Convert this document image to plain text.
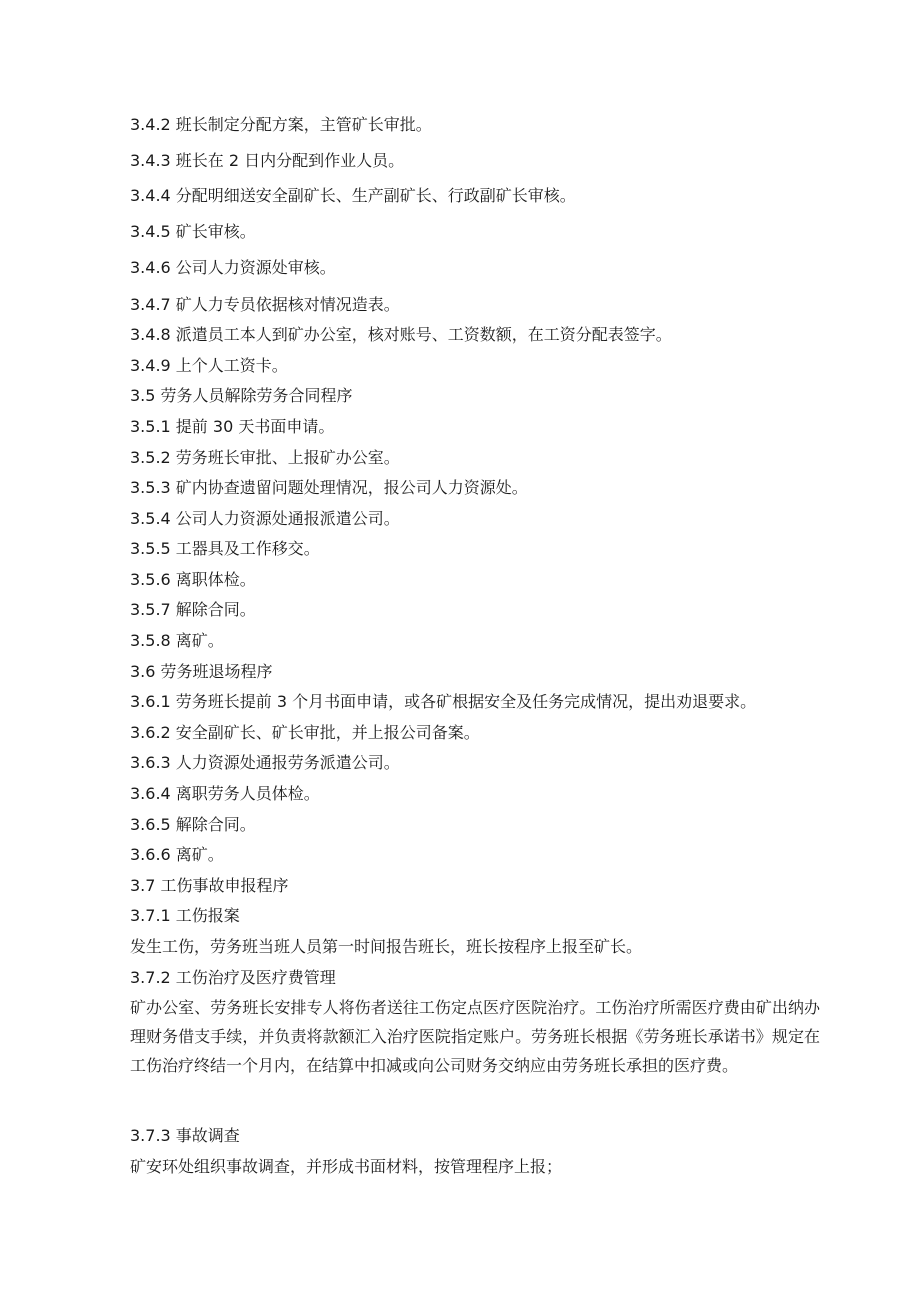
3.4.2 班长制定分配方案，主管矿长审批。
3.4.3 班长在 2 日内分配到作业人员。
3.4.4 分配明细送安全副矿长、生产副矿长、行政副矿长审核。
3.4.5 矿长审核。
3.4.6 公司人力资源处审核。
3.4.7 矿人力专员依据核对情况造表。
3.4.8 派遣员工本人到矿办公室，核对账号、工资数额，在工资分配表签字。
3.4.9 上个人工资卡。
3.5 劳务人员解除劳务合同程序
3.5.1 提前 30 天书面申请。
3.5.2 劳务班长审批、上报矿办公室。
3.5.3 矿内协查遗留问题处理情况，报公司人力资源处。
3.5.4 公司人力资源处通报派遣公司。
3.5.5 工器具及工作移交。
3.5.6 离职体检。
3.5.7 解除合同。
3.5.8 离矿。
3.6 劳务班退场程序
3.6.1 劳务班长提前 3 个月书面申请，或各矿根据安全及任务完成情况，提出劝退要求。
3.6.2 安全副矿长、矿长审批，并上报公司备案。
3.6.3 人力资源处通报劳务派遣公司。
3.6.4 离职劳务人员体检。
3.6.5 解除合同。
3.6.6 离矿。
3.7 工伤事故申报程序
3.7.1 工伤报案
发生工伤，劳务班当班人员第一时间报告班长，班长按程序上报至矿长。
3.7.2 工伤治疗及医疗费管理
矿办公室、劳务班长安排专人将伤者送往工伤定点医疗医院治疗。工伤治疗所需医疗费由矿出纳办理财务借支手续，并负责将款额汇入治疗医院指定账户。劳务班长根据《劳务班长承诺书》规定在工伤治疗终结一个月内，在结算中扣减或向公司财务交纳应由劳务班长承担的医疗费。
3.7.3 事故调查
矿安环处组织事故调查，并形成书面材料，按管理程序上报；
